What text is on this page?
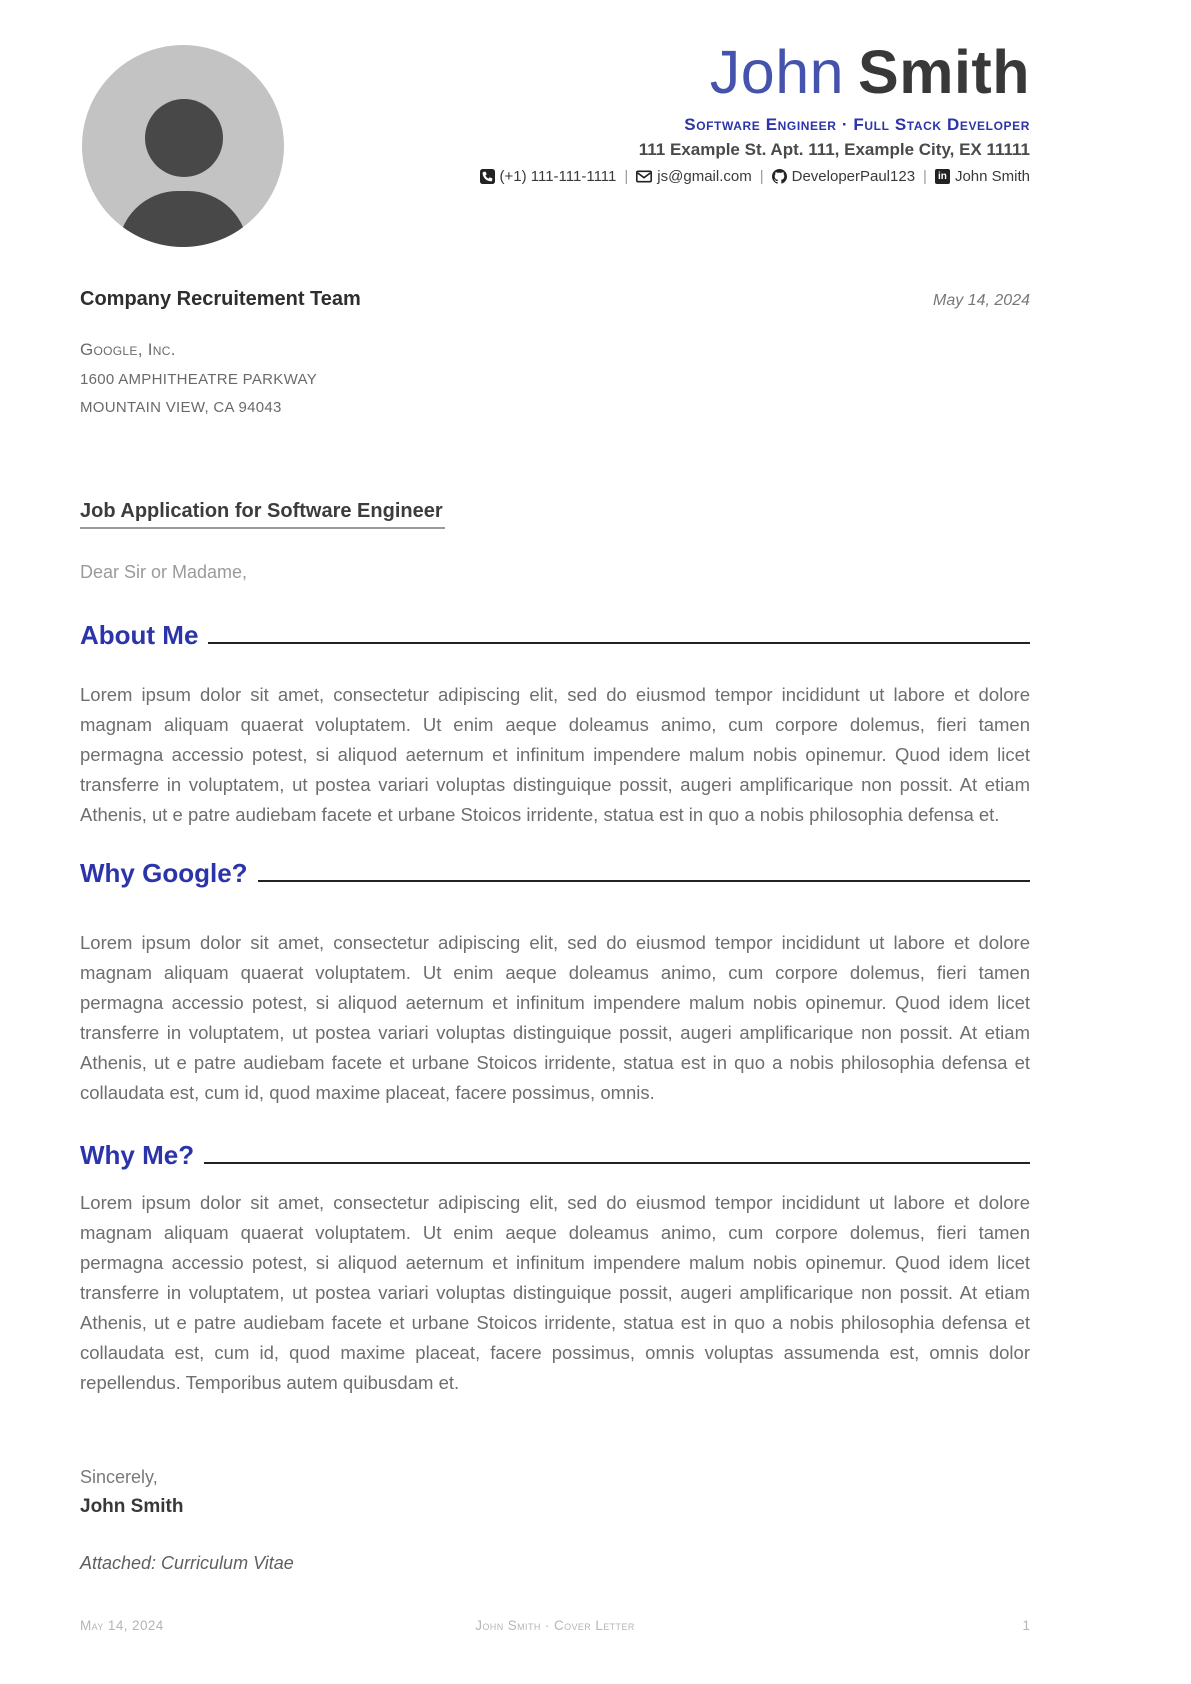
John Smith
Software Engineer · Full Stack Developer
111 Example St. Apt. 111, Example City, EX 11111
(+1) 111-111-1111 | js@gmail.com | DeveloperPaul123 |	in John Smith
Company Recruitement Team	May 14, 2024
Google, Inc.
1600 AMPHITHEATRE PARKWAY
MOUNTAIN VIEW, CA 94043
Job Application for Software Engineer
Dear Sir or Madame,
About Me

Lorem ipsum dolor sit amet, consectetur adipiscing elit, sed do eiusmod tempor incididunt ut labore et dolore magnam aliquam quaerat voluptatem. Ut enim aeque doleamus animo, cum corpore dolemus, fieri tamen permagna accessio potest, si aliquod aeternum et infinitum impendere malum nobis opinemur. Quod idem licet transferre in voluptatem, ut postea variari voluptas distinguique possit, augeri amplificarique non possit. At etiam Athenis, ut e patre audiebam facete et urbane Stoicos irridente, statua est in quo a nobis philosophia defensa et.

Why Google?

Lorem ipsum dolor sit amet, consectetur adipiscing elit, sed do eiusmod tempor incididunt ut labore et dolore magnam aliquam quaerat voluptatem. Ut enim aeque doleamus animo, cum corpore dolemus, fieri tamen permagna accessio potest, si aliquod aeternum et infinitum impendere malum nobis opinemur. Quod idem licet transferre in voluptatem, ut postea variari voluptas distinguique possit, augeri amplificarique non possit. At etiam Athenis, ut e patre audiebam facete et urbane Stoicos irridente, statua est in quo a nobis philosophia defensa et collaudata est, cum id, quod maxime placeat, facere possimus, omnis.

Why Me?

Lorem ipsum dolor sit amet, consectetur adipiscing elit, sed do eiusmod tempor incididunt ut labore et dolore magnam aliquam quaerat voluptatem. Ut enim aeque doleamus animo, cum corpore dolemus, fieri tamen permagna accessio potest, si aliquod aeternum et infinitum impendere malum nobis opinemur. Quod idem licet transferre in voluptatem, ut postea variari voluptas distinguique possit, augeri amplificarique non possit. At etiam Athenis, ut e patre audiebam facete et urbane Stoicos irridente, statua est in quo a nobis philosophia defensa et collaudata est, cum id, quod maxime placeat, facere possimus, omnis voluptas assumenda est, omnis dolor repellendus. Temporibus autem quibusdam et.

Sincerely,
John Smith
Attached: Curriculum Vitae
May 14, 2024	John Smith · Cover Letter	1
